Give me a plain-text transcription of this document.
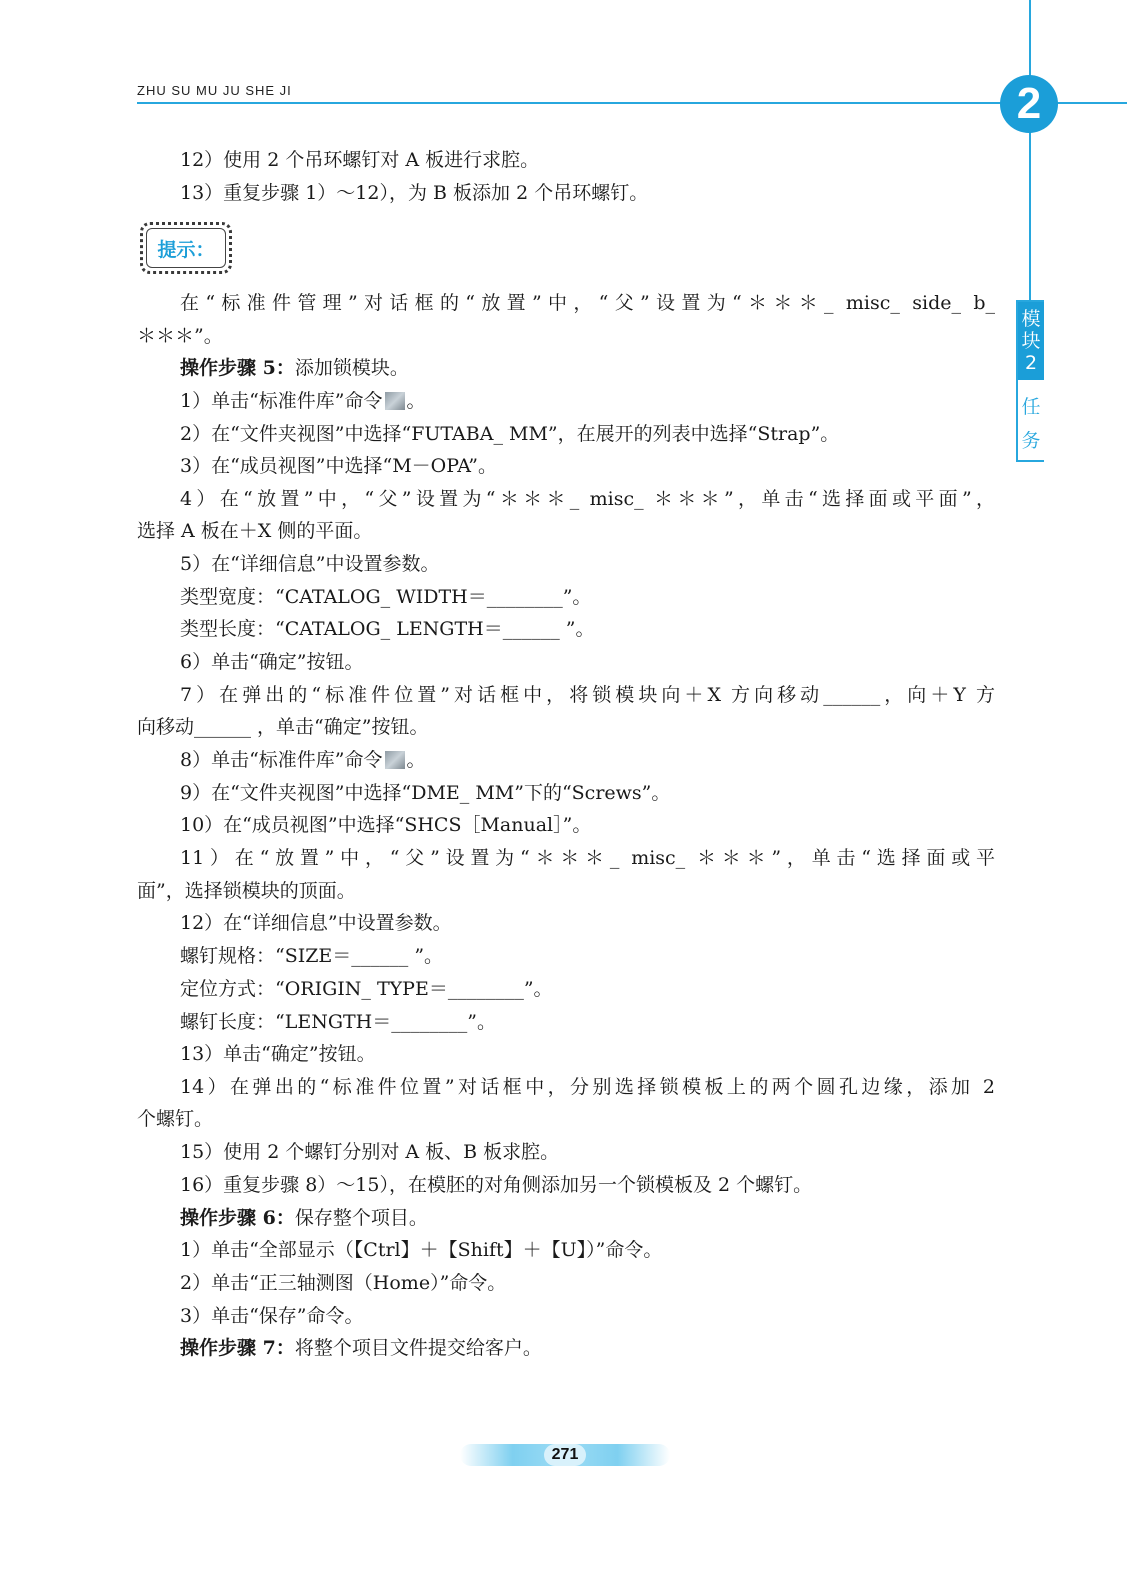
ZHU SU MU JU SHE JI	2
模
块
2
任
务
提示：
12）使用 2 个吊环螺钉对 A 板进行求腔。
13）重复步骤 1）～12），为 B 板添加 2 个吊环螺钉。
在“标准件管理”对话框的“放置”中，“父”设置为“＊＊＊_ misc_ side_ b_
＊＊＊”。
操作步骤 5：添加锁模块。
1）单击“标准件库”命令 。
2）在“文件夹视图”中选择“FUTABA_ MM”，在展开的列表中选择“Strap”。
3）在“成员视图”中选择“M－OPA”。
4）在“放置”中，“父”设置为“＊＊＊_ misc_ ＊＊＊”，单击“选择面或平面”，
选择 A 板在＋X 侧的平面。
5）在“详细信息”中设置参数。
类型宽度：“CATALOG_ WIDTH＝________”。
类型长度：“CATALOG_ LENGTH＝______ ”。
6）单击“确定”按钮。
7）在弹出的“标准件位置”对话框中，将锁模块向＋X 方向移动______，向＋Y 方
向移动______ ，单击“确定”按钮。
8）单击“标准件库”命令 。
9）在“文件夹视图”中选择“DME_ MM”下的“Screws”。
10）在“成员视图”中选择“SHCS［Manual］”。
11）在“放置”中，“父”设置为“＊＊＊_ misc_ ＊＊＊”，单击“选择面或平
面”，选择锁模块的顶面。
12）在“详细信息”中设置参数。
螺钉规格：“SIZE＝______ ”。
定位方式：“ORIGIN_ TYPE＝________”。
螺钉长度：“LENGTH＝________”。
13）单击“确定”按钮。
14）在弹出的“标准件位置”对话框中，分别选择锁模板上的两个圆孔边缘，添加 2
个螺钉。
15）使用 2 个螺钉分别对 A 板、B 板求腔。
16）重复步骤 8）～15），在模胚的对角侧添加另一个锁模板及 2 个螺钉。
操作步骤 6：保存整个项目。
1）单击“全部显示（【Ctrl】＋【Shift】＋【U】）”命令。
2）单击“正三轴测图（Home）”命令。
3）单击“保存”命令。
操作步骤 7：将整个项目文件提交给客户。
271
